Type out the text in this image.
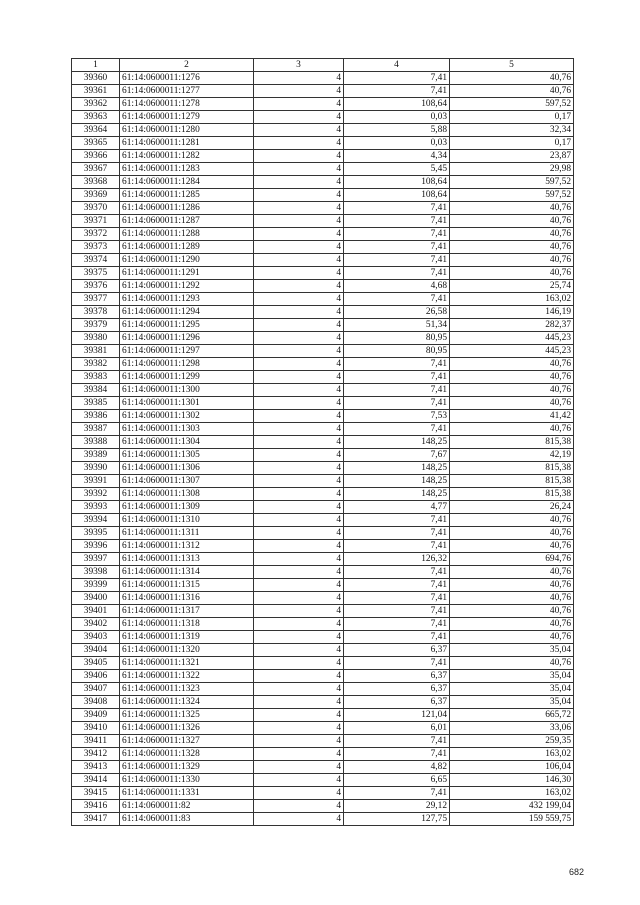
1	2	3	4	5
39360	61:14:0600011:1276	4	7,41	40,76
39361	61:14:0600011:1277	4	7,41	40,76
39362	61:14:0600011:1278	4	108,64	597,52
39363	61:14:0600011:1279	4	0,03	0,17
39364	61:14:0600011:1280	4	5,88	32,34
39365	61:14:0600011:1281	4	0,03	0,17
39366	61:14:0600011:1282	4	4,34	23,87
39367	61:14:0600011:1283	4	5,45	29,98
39368	61:14:0600011:1284	4	108,64	597,52
39369	61:14:0600011:1285	4	108,64	597,52
39370	61:14:0600011:1286	4	7,41	40,76
39371	61:14:0600011:1287	4	7,41	40,76
39372	61:14:0600011:1288	4	7,41	40,76
39373	61:14:0600011:1289	4	7,41	40,76
39374	61:14:0600011:1290	4	7,41	40,76
39375	61:14:0600011:1291	4	7,41	40,76
39376	61:14:0600011:1292	4	4,68	25,74
39377	61:14:0600011:1293	4	7,41	163,02
39378	61:14:0600011:1294	4	26,58	146,19
39379	61:14:0600011:1295	4	51,34	282,37
39380	61:14:0600011:1296	4	80,95	445,23
39381	61:14:0600011:1297	4	80,95	445,23
39382	61:14:0600011:1298	4	7,41	40,76
39383	61:14:0600011:1299	4	7,41	40,76
39384	61:14:0600011:1300	4	7,41	40,76
39385	61:14:0600011:1301	4	7,41	40,76
39386	61:14:0600011:1302	4	7,53	41,42
39387	61:14:0600011:1303	4	7,41	40,76
39388	61:14:0600011:1304	4	148,25	815,38
39389	61:14:0600011:1305	4	7,67	42,19
39390	61:14:0600011:1306	4	148,25	815,38
39391	61:14:0600011:1307	4	148,25	815,38
39392	61:14:0600011:1308	4	148,25	815,38
39393	61:14:0600011:1309	4	4,77	26,24
39394	61:14:0600011:1310	4	7,41	40,76
39395	61:14:0600011:1311	4	7,41	40,76
39396	61:14:0600011:1312	4	7,41	40,76
39397	61:14:0600011:1313	4	126,32	694,76
39398	61:14:0600011:1314	4	7,41	40,76
39399	61:14:0600011:1315	4	7,41	40,76
39400	61:14:0600011:1316	4	7,41	40,76
39401	61:14:0600011:1317	4	7,41	40,76
39402	61:14:0600011:1318	4	7,41	40,76
39403	61:14:0600011:1319	4	7,41	40,76
39404	61:14:0600011:1320	4	6,37	35,04
39405	61:14:0600011:1321	4	7,41	40,76
39406	61:14:0600011:1322	4	6,37	35,04
39407	61:14:0600011:1323	4	6,37	35,04
39408	61:14:0600011:1324	4	6,37	35,04
39409	61:14:0600011:1325	4	121,04	665,72
39410	61:14:0600011:1326	4	6,01	33,06
39411	61:14:0600011:1327	4	7,41	259,35
39412	61:14:0600011:1328	4	7,41	163,02
39413	61:14:0600011:1329	4	4,82	106,04
39414	61:14:0600011:1330	4	6,65	146,30
39415	61:14:0600011:1331	4	7,41	163,02
39416	61:14:0600011:82	4	29,12	432 199,04
39417	61:14:0600011:83	4	127,75	159 559,75
682
